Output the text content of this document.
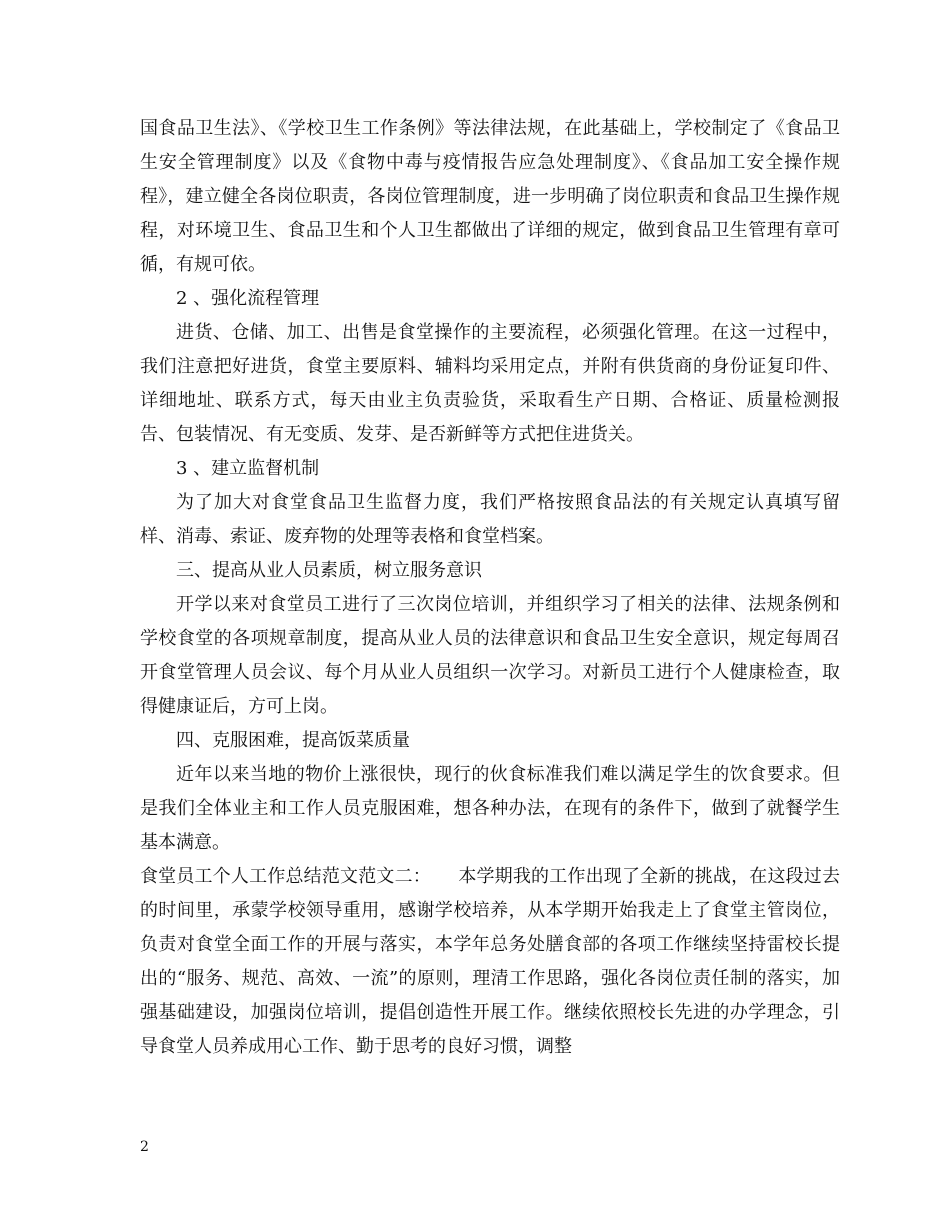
国食品卫生法》、《学校卫生工作条例》等法律法规，在此基础上，学校制定了《食品卫生安全管理制度》以及《食物中毒与疫情报告应急处理制度》、《食品加工安全操作规程》，建立健全各岗位职责，各岗位管理制度，进一步明确了岗位职责和食品卫生操作规程，对环境卫生、食品卫生和个人卫生都做出了详细的规定，做到食品卫生管理有章可循，有规可依。

2 、强化流程管理

进货、仓储、加工、出售是食堂操作的主要流程，必须强化管理。在这一过程中，我们注意把好进货，食堂主要原料、辅料均采用定点，并附有供货商的身份证复印件、详细地址、联系方式，每天由业主负责验货，采取看生产日期、合格证、质量检测报告、包装情况、有无变质、发芽、是否新鲜等方式把住进货关。

3 、建立监督机制

为了加大对食堂食品卫生监督力度，我们严格按照食品法的有关规定认真填写留样、消毒、索证、废弃物的处理等表格和食堂档案。

三、提高从业人员素质，树立服务意识

开学以来对食堂员工进行了三次岗位培训，并组织学习了相关的法律、法规条例和学校食堂的各项规章制度，提高从业人员的法律意识和食品卫生安全意识，规定每周召开食堂管理人员会议、每个月从业人员组织一次学习。对新员工进行个人健康检查，取得健康证后，方可上岗。

四、克服困难，提高饭菜质量

近年以来当地的物价上涨很快，现行的伙食标准我们难以满足学生的饮食要求。但是我们全体业主和工作人员克服困难，想各种办法，在现有的条件下，做到了就餐学生基本满意。

食堂员工个人工作总结范文范文二：　　本学期我的工作出现了全新的挑战，在这段过去的时间里，承蒙学校领导重用，感谢学校培养，从本学期开始我走上了食堂主管岗位，负责对食堂全面工作的开展与落实，本学年总务处膳食部的各项工作继续坚持雷校长提出的“服务、规范、高效、一流”的原则，理清工作思路，强化各岗位责任制的落实，加强基础建设，加强岗位培训，提倡创造性开展工作。继续依照校长先进的办学理念，引导食堂人员养成用心工作、勤于思考的良好习惯，调整

2
